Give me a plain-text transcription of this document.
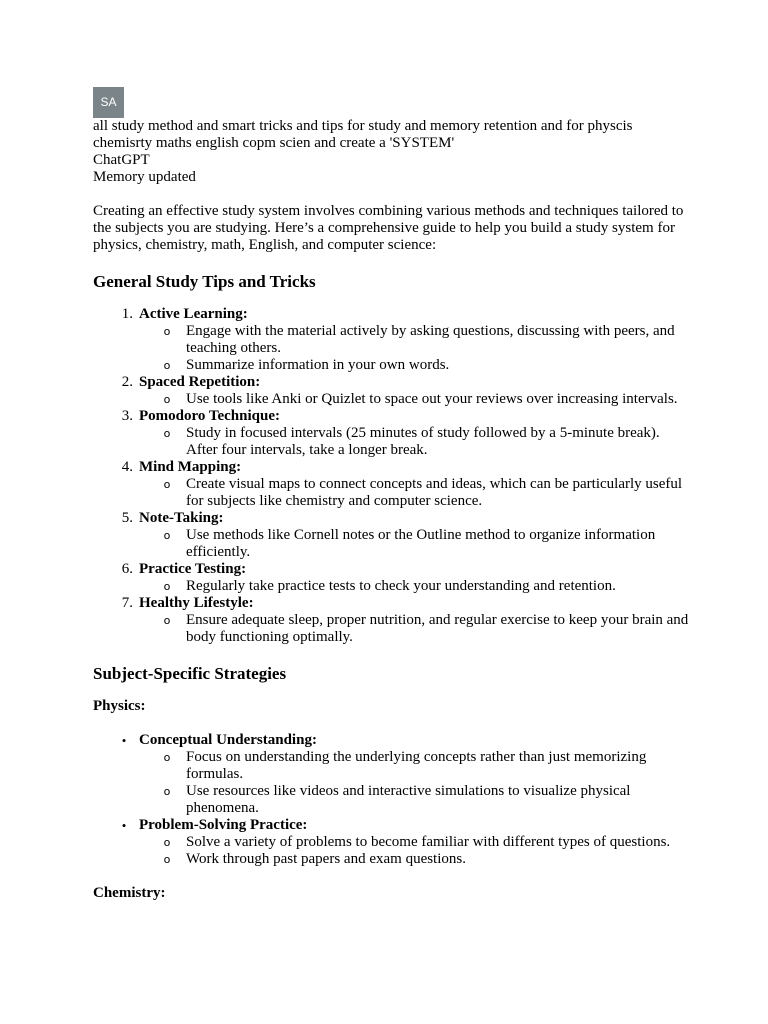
SA

all study method and smart tricks and tips for study and memory retention and for physcis

chemisrty maths english copm scien and create a 'SYSTEM'

ChatGPT

Memory updated

Creating an effective study system involves combining various methods and techniques tailored to the subjects you are studying. Here’s a comprehensive guide to help you build a study system for physics, chemistry, math, English, and computer science:

General Study Tips and Tricks
1. Active Learning:
o Engage with the material actively by asking questions, discussing with peers, and teaching others.
o Summarize information in your own words.
2. Spaced Repetition:
o Use tools like Anki or Quizlet to space out your reviews over increasing intervals.
3. Pomodoro Technique:
o Study in focused intervals (25 minutes of study followed by a 5-minute break). After four intervals, take a longer break.
4. Mind Mapping:
o Create visual maps to connect concepts and ideas, which can be particularly useful for subjects like chemistry and computer science.
5. Note-Taking:
o Use methods like Cornell notes or the Outline method to organize information efficiently.
6. Practice Testing:
o Regularly take practice tests to check your understanding and retention.
7. Healthy Lifestyle:
o Ensure adequate sleep, proper nutrition, and regular exercise to keep your brain and body functioning optimally.
Subject-Specific Strategies
Physics:
• Conceptual Understanding:
o Focus on understanding the underlying concepts rather than just memorizing formulas.
o Use resources like videos and interactive simulations to visualize physical phenomena.
• Problem-Solving Practice:
o Solve a variety of problems to become familiar with different types of questions.
o Work through past papers and exam questions.
Chemistry:
